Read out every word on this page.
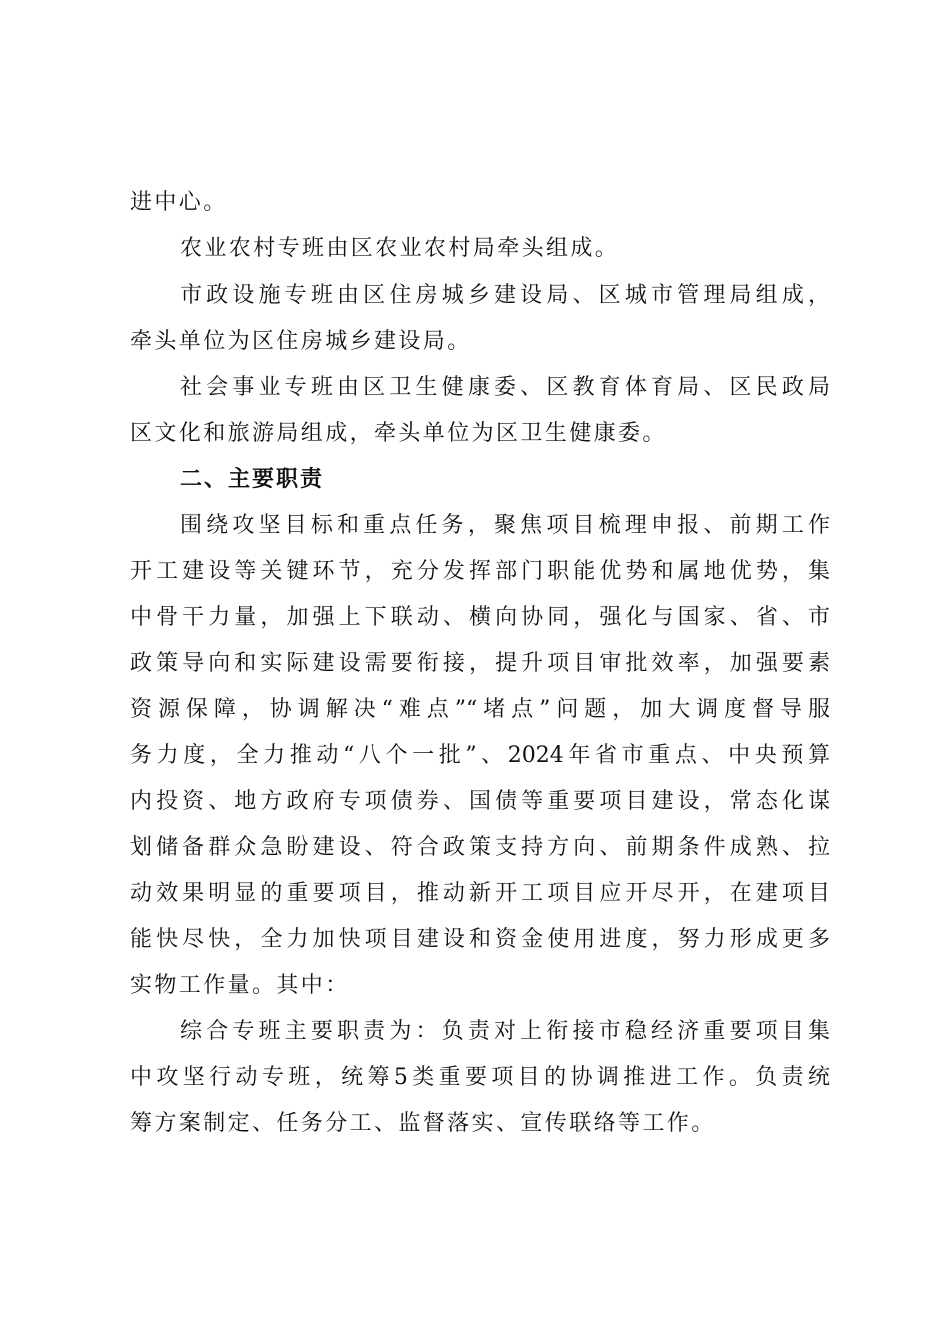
进中心。
农业农村专班由区农业农村局牵头组成。
市政设施专班由区住房城乡建设局、区城市管理局组成，
牵头单位为区住房城乡建设局。
社会事业专班由区卫生健康委、区教育体育局、区民政局
区文化和旅游局组成，牵头单位为区卫生健康委。
二、主要职责
围绕攻坚目标和重点任务，聚焦项目梳理申报、前期工作
开工建设等关键环节，充分发挥部门职能优势和属地优势，集
中骨干力量，加强上下联动、横向协同，强化与国家、省、市
政策导向和实际建设需要衔接，提升项目审批效率，加强要素
资源保障，协调解决“难点”“堵点”问题，加大调度督导服
务力度，全力推动“八个一批”、2024年省市重点、中央预算
内投资、地方政府专项债券、国债等重要项目建设，常态化谋
划储备群众急盼建设、符合政策支持方向、前期条件成熟、拉
动效果明显的重要项目，推动新开工项目应开尽开，在建项目
能快尽快，全力加快项目建设和资金使用进度，努力形成更多
实物工作量。其中：
综合专班主要职责为：负责对上衔接市稳经济重要项目集
中攻坚行动专班，统筹5类重要项目的协调推进工作。负责统
筹方案制定、任务分工、监督落实、宣传联络等工作。
